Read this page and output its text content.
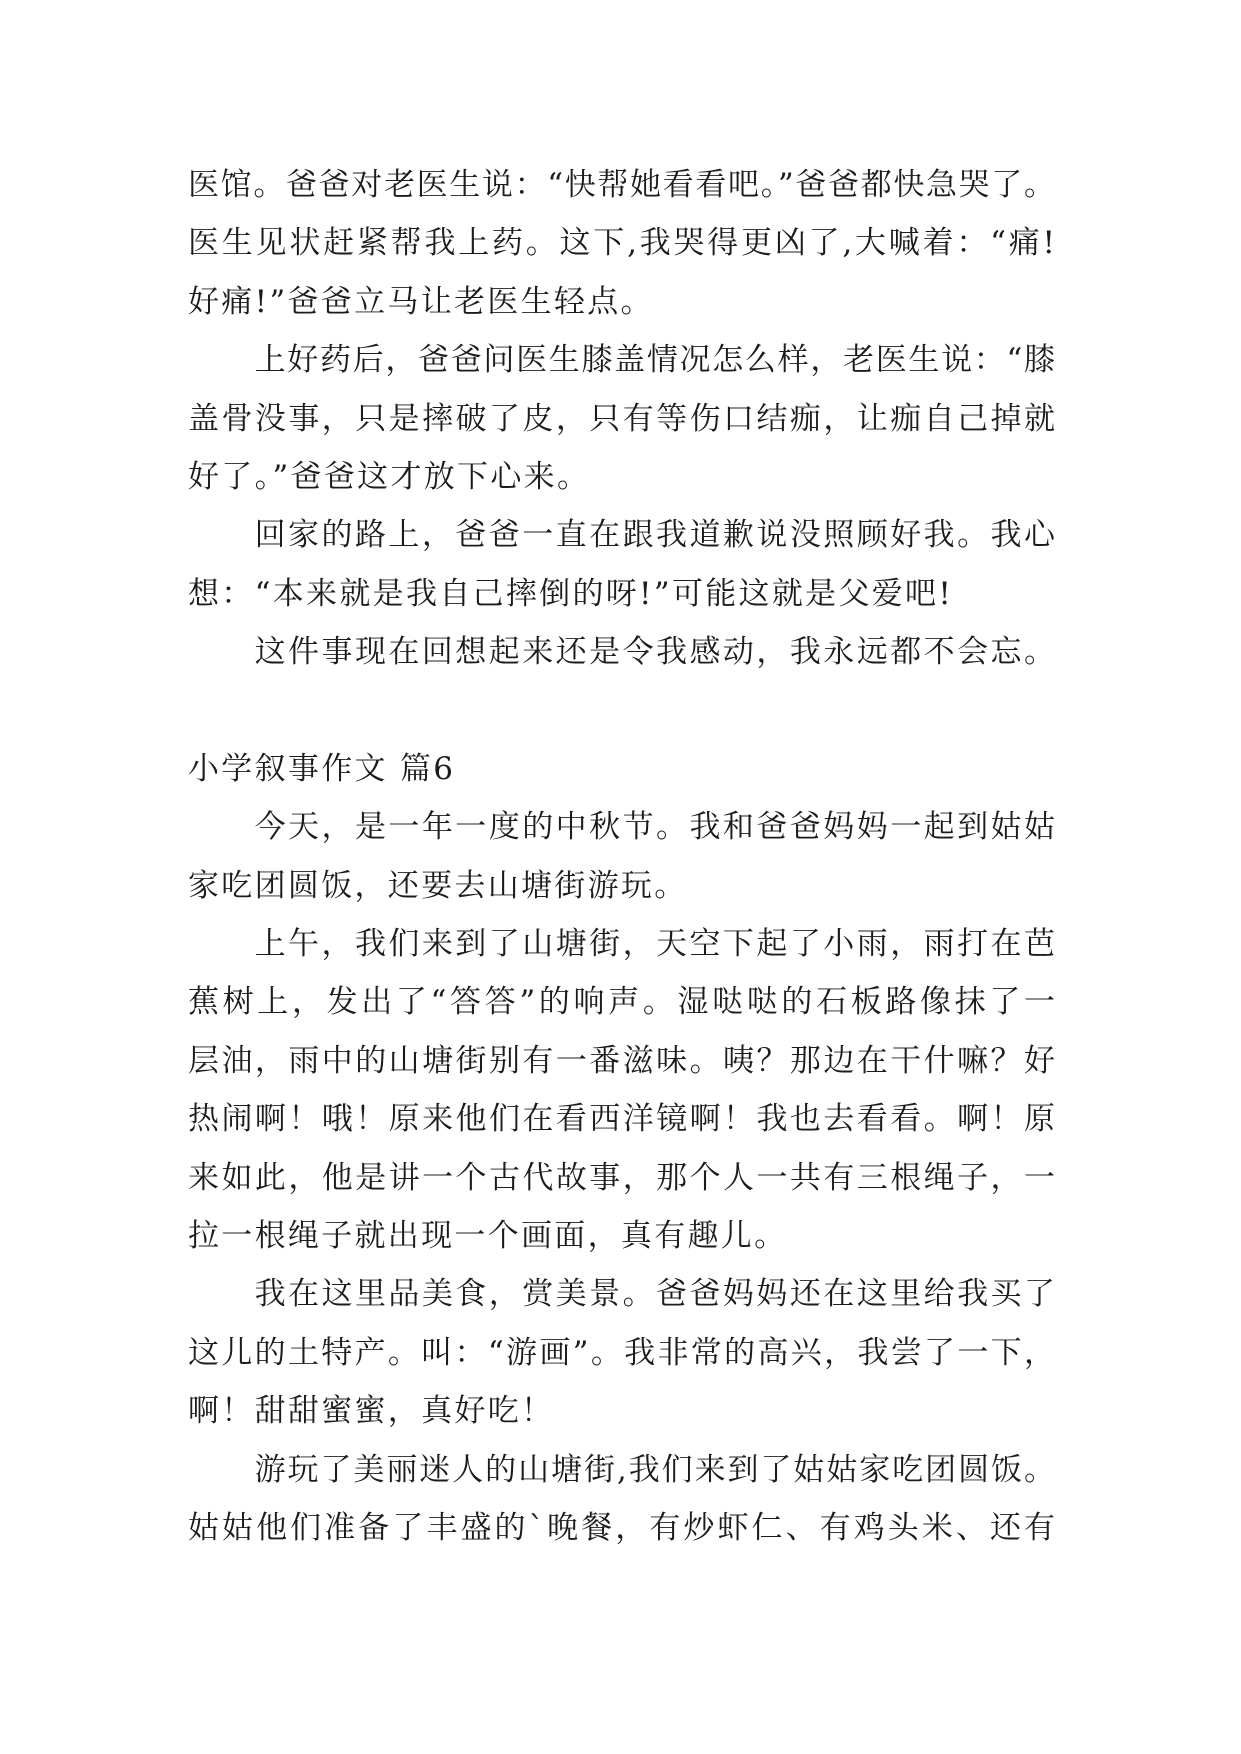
医馆。爸爸对老医生说：“快帮她看看吧。”爸爸都快急哭了。
医生见状赶紧帮我上药。这下,我哭得更凶了,大喊着：“痛!
好痛!”爸爸立马让老医生轻点。
上好药后，爸爸问医生膝盖情况怎么样，老医生说：“膝
盖骨没事，只是摔破了皮，只有等伤口结痂，让痂自己掉就
好了。”爸爸这才放下心来。
回家的路上，爸爸一直在跟我道歉说没照顾好我。我心
想：“本来就是我自己摔倒的呀!”可能这就是父爱吧!
这件事现在回想起来还是令我感动，我永远都不会忘。
小学叙事作文 篇6
今天，是一年一度的中秋节。我和爸爸妈妈一起到姑姑
家吃团圆饭，还要去山塘街游玩。
上午，我们来到了山塘街，天空下起了小雨，雨打在芭
蕉树上，发出了“答答”的响声。湿哒哒的石板路像抹了一
层油，雨中的山塘街别有一番滋味。咦？那边在干什嘛？好
热闹啊！哦！原来他们在看西洋镜啊！我也去看看。啊！原
来如此，他是讲一个古代故事，那个人一共有三根绳子，一
拉一根绳子就出现一个画面，真有趣儿。
我在这里品美食，赏美景。爸爸妈妈还在这里给我买了
这儿的土特产。叫：“游画”。我非常的高兴，我尝了一下，
啊！甜甜蜜蜜，真好吃！
游玩了美丽迷人的山塘街,我们来到了姑姑家吃团圆饭。
姑姑他们准备了丰盛的`晚餐，有炒虾仁、有鸡头米、还有
